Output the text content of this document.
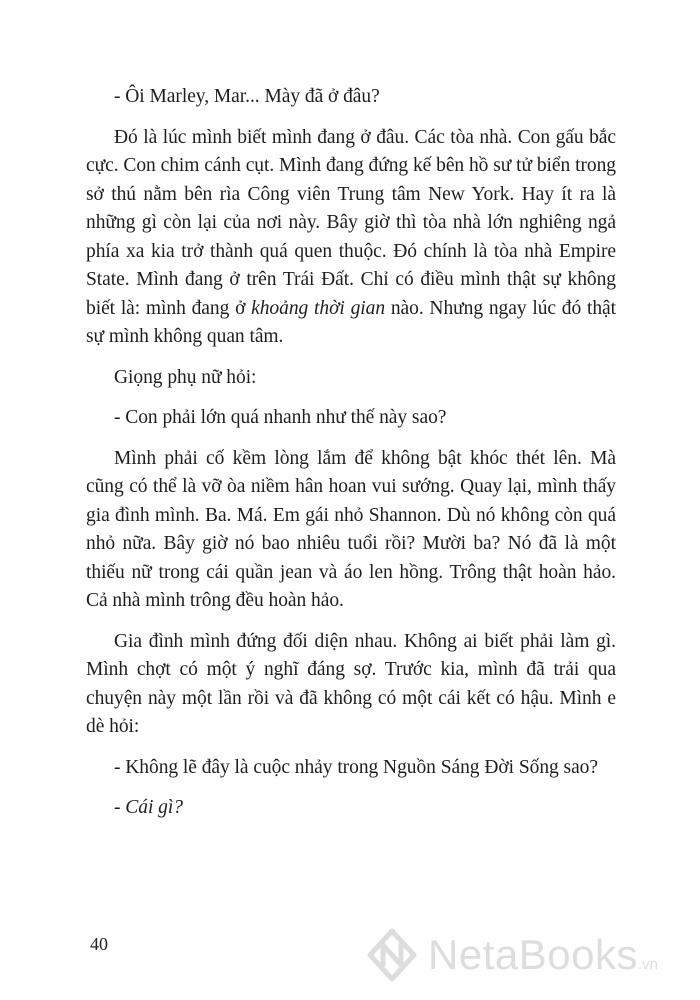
- Ôi Marley, Mar... Mày đã ở đâu?

Đó là lúc mình biết mình đang ở đâu. Các tòa nhà. Con gấu bắc cực. Con chim cánh cụt. Mình đang đứng kế bên hồ sư tử biển trong sở thú nằm bên rìa Công viên Trung tâm New York. Hay ít ra là những gì còn lại của nơi này. Bây giờ thì tòa nhà lớn nghiêng ngả phía xa kia trở thành quá quen thuộc. Đó chính là tòa nhà Empire State. Mình đang ở trên Trái Đất. Chỉ có điều mình thật sự không biết là: mình đang ở khoảng thời gian nào. Nhưng ngay lúc đó thật sự mình không quan tâm.

Giọng phụ nữ hỏi:

- Con phải lớn quá nhanh như thế này sao?

Mình phải cố kềm lòng lắm để không bật khóc thét lên. Mà cũng có thể là vỡ òa niềm hân hoan vui sướng. Quay lại, mình thấy gia đình mình. Ba. Má. Em gái nhỏ Shannon. Dù nó không còn quá nhỏ nữa. Bây giờ nó bao nhiêu tuổi rồi? Mười ba? Nó đã là một thiếu nữ trong cái quần jean và áo len hồng. Trông thật hoàn hảo. Cả nhà mình trông đều hoàn hảo.

Gia đình mình đứng đối diện nhau. Không ai biết phải làm gì. Mình chợt có một ý nghĩ đáng sợ. Trước kia, mình đã trải qua chuyện này một lần rồi và đã không có một cái kết có hậu. Mình e dè hỏi:

- Không lẽ đây là cuộc nhảy trong Nguồn Sáng Đời Sống sao?

- Cái gì?

40	NetaBooks.vn
